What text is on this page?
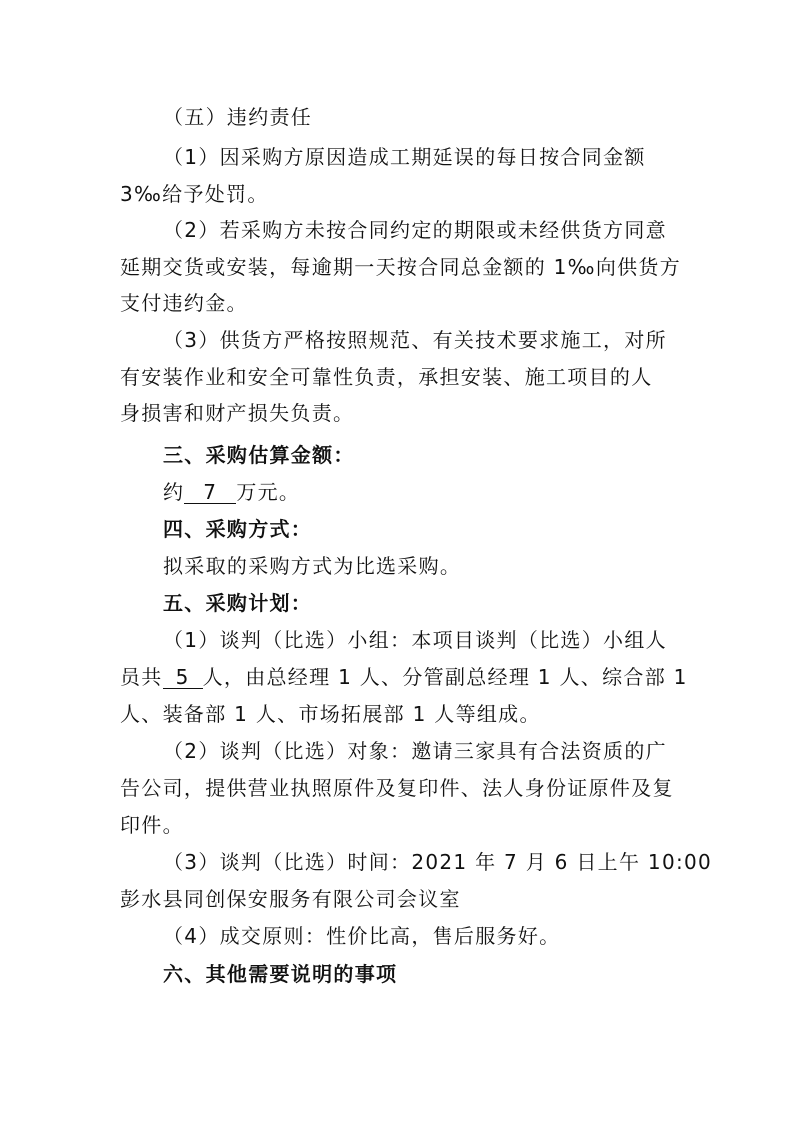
（五）违约责任
（1）因采购方原因造成工期延误的每日按合同金额
3‰给予处罚。
（2）若采购方未按合同约定的期限或未经供货方同意
延期交货或安装，每逾期一天按合同总金额的 1‰向供货方
支付违约金。
（3）供货方严格按照规范、有关技术要求施工，对所
有安装作业和安全可靠性负责，承担安装、施工项目的人
身损害和财产损失负责。
三、采购估算金额：
约 7 万元。
四、采购方式：
拟采取的采购方式为比选采购。
五、采购计划：
（1）谈判（比选）小组：本项目谈判（比选）小组人
员共 5 人，由总经理 1 人、分管副总经理 1 人、综合部 1
人、装备部 1 人、市场拓展部 1 人等组成。
（2）谈判（比选）对象：邀请三家具有合法资质的广
告公司，提供营业执照原件及复印件、法人身份证原件及复
印件。
（3）谈判（比选）时间：2021 年 7 月 6 日上午 10:00
彭水县同创保安服务有限公司会议室
（4）成交原则：性价比高，售后服务好。
六、其他需要说明的事项
